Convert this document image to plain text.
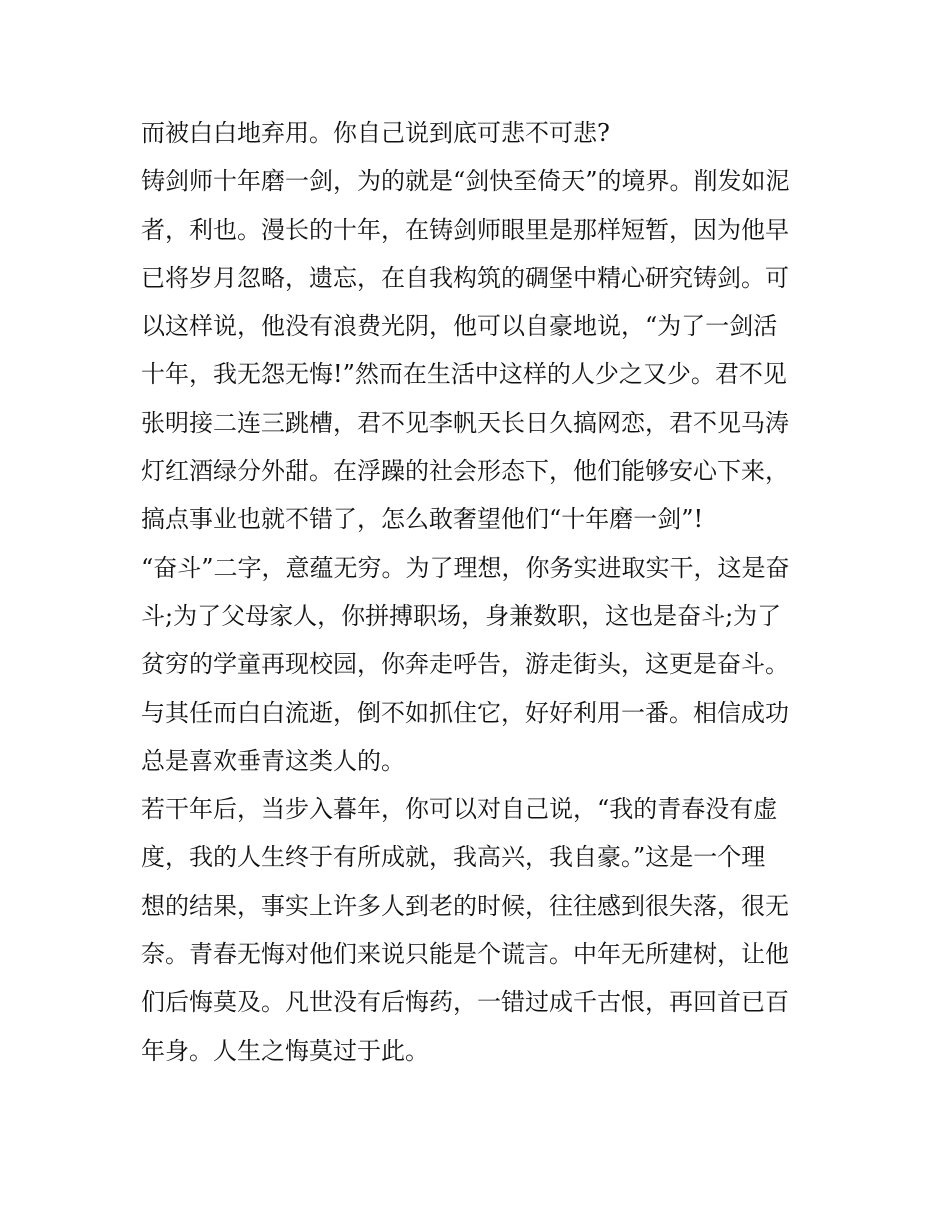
而被白白地弃用。你自己说到底可悲不可悲?
铸剑师十年磨一剑，为的就是“剑快至倚天”的境界。削发如泥
者，利也。漫长的十年，在铸剑师眼里是那样短暂，因为他早
已将岁月忽略，遗忘，在自我构筑的碉堡中精心研究铸剑。可
以这样说，他没有浪费光阴，他可以自豪地说，“为了一剑活
十年，我无怨无悔!”然而在生活中这样的人少之又少。君不见
张明接二连三跳槽，君不见李帆天长日久搞网恋，君不见马涛
灯红酒绿分外甜。在浮躁的社会形态下，他们能够安心下来，
搞点事业也就不错了，怎么敢奢望他们“十年磨一剑”!
“奋斗”二字，意蕴无穷。为了理想，你务实进取实干，这是奋
斗;为了父母家人，你拼搏职场，身兼数职，这也是奋斗;为了
贫穷的学童再现校园，你奔走呼告，游走街头，这更是奋斗。
与其任而白白流逝，倒不如抓住它，好好利用一番。相信成功
总是喜欢垂青这类人的。
若干年后，当步入暮年，你可以对自己说，“我的青春没有虚
度，我的人生终于有所成就，我高兴，我自豪。”这是一个理
想的结果，事实上许多人到老的时候，往往感到很失落，很无
奈。青春无悔对他们来说只能是个谎言。中年无所建树，让他
们后悔莫及。凡世没有后悔药，一错过成千古恨，再回首已百
年身。人生之悔莫过于此。
